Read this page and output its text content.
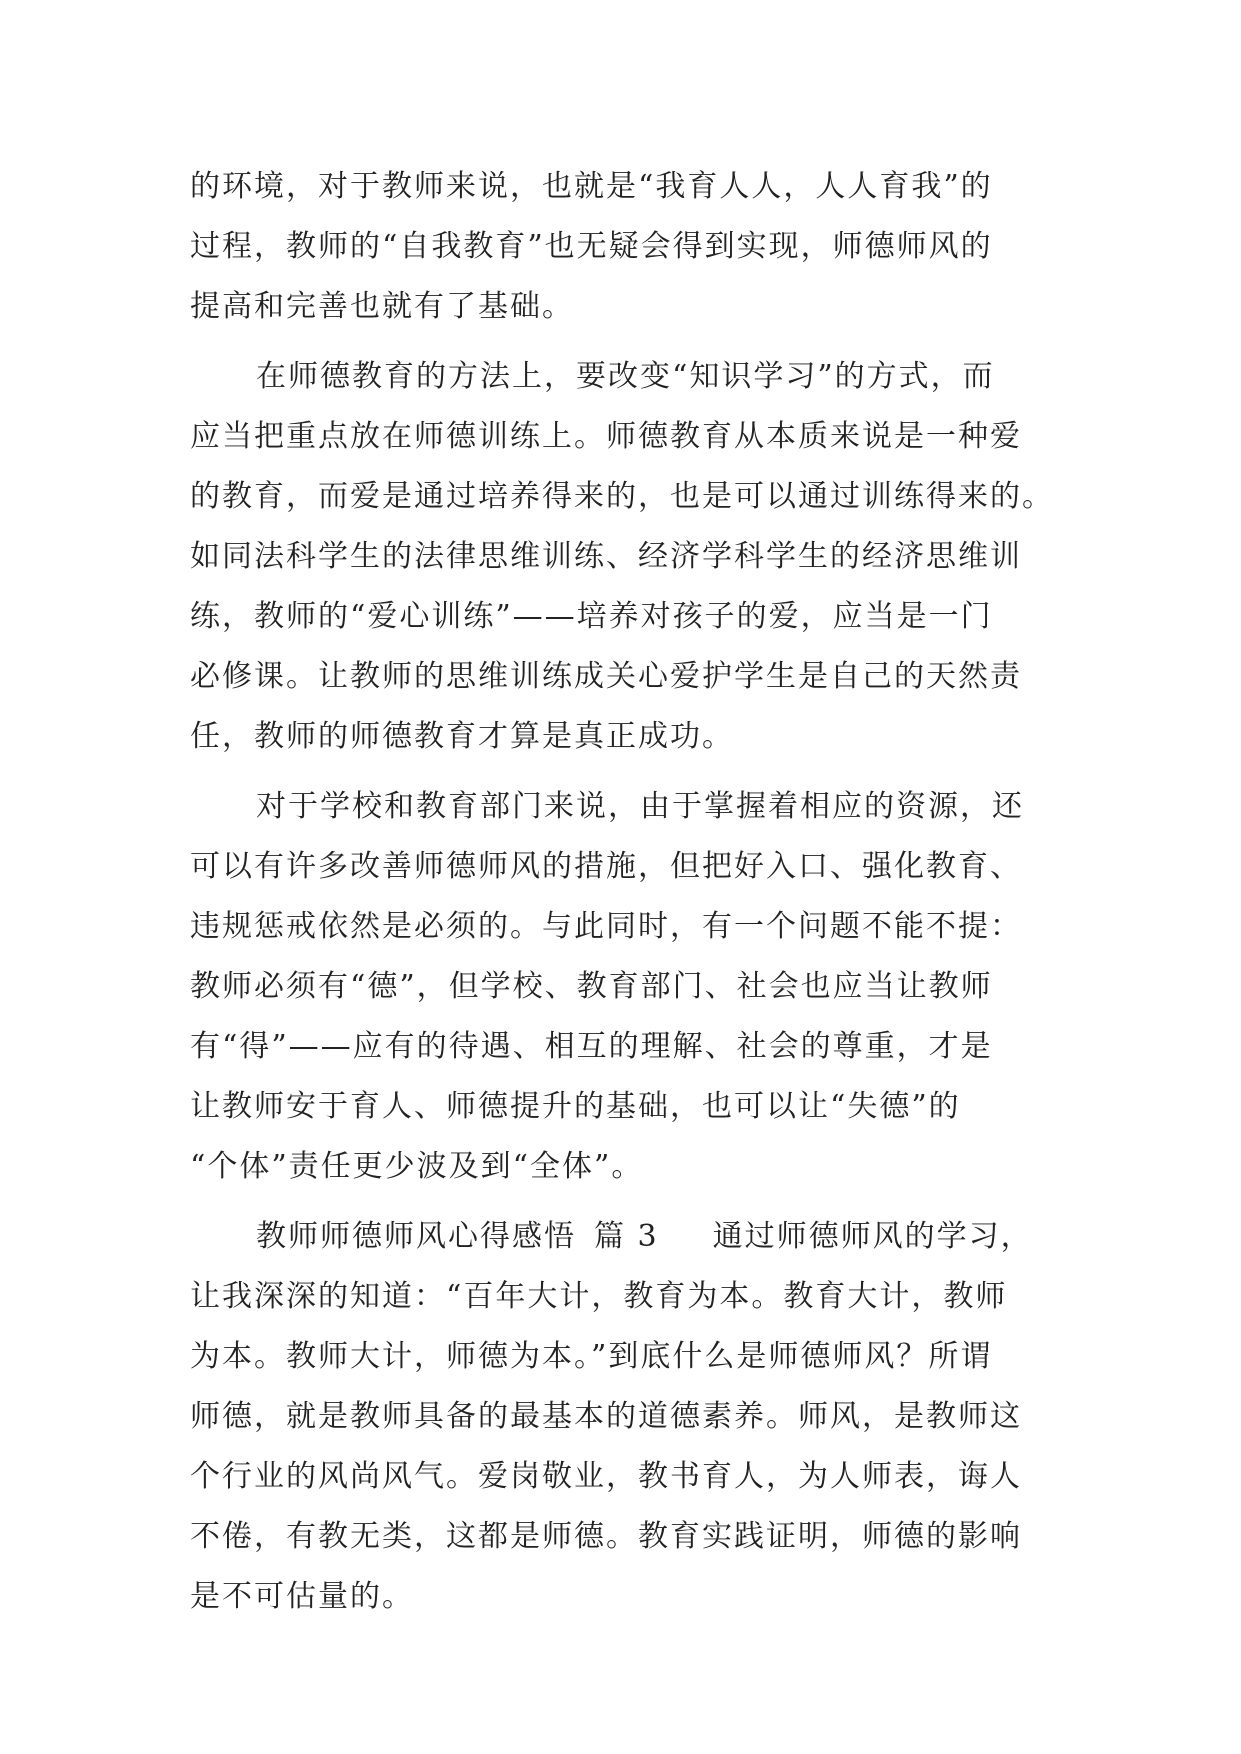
的环境，对于教师来说，也就是“我育人人，人人育我”的
过程，教师的“自我教育”也无疑会得到实现，师德师风的
提高和完善也就有了基础。
在师德教育的方法上，要改变“知识学习”的方式，而
应当把重点放在师德训练上。师德教育从本质来说是一种爱
的教育，而爱是通过培养得来的，也是可以通过训练得来的。
如同法科学生的法律思维训练、经济学科学生的经济思维训
练，教师的“爱心训练”——培养对孩子的爱，应当是一门
必修课。让教师的思维训练成关心爱护学生是自己的天然责
任，教师的师德教育才算是真正成功。
对于学校和教育部门来说，由于掌握着相应的资源，还
可以有许多改善师德师风的措施，但把好入口、强化教育、
违规惩戒依然是必须的。与此同时，有一个问题不能不提：
教师必须有“德”，但学校、教育部门、社会也应当让教师
有“得”——应有的待遇、相互的理解、社会的尊重，才是
让教师安于育人、师德提升的基础，也可以让“失德”的
“个体”责任更少波及到“全体”。
教师师德师风心得感悟 篇 3 通过师德师风的学习，
让我深深的知道：“百年大计，教育为本。教育大计，教师
为本。教师大计，师德为本。”到底什么是师德师风？所谓
师德，就是教师具备的最基本的道德素养。师风，是教师这
个行业的风尚风气。爱岗敬业，教书育人，为人师表，诲人
不倦，有教无类，这都是师德。教育实践证明，师德的影响
是不可估量的。
